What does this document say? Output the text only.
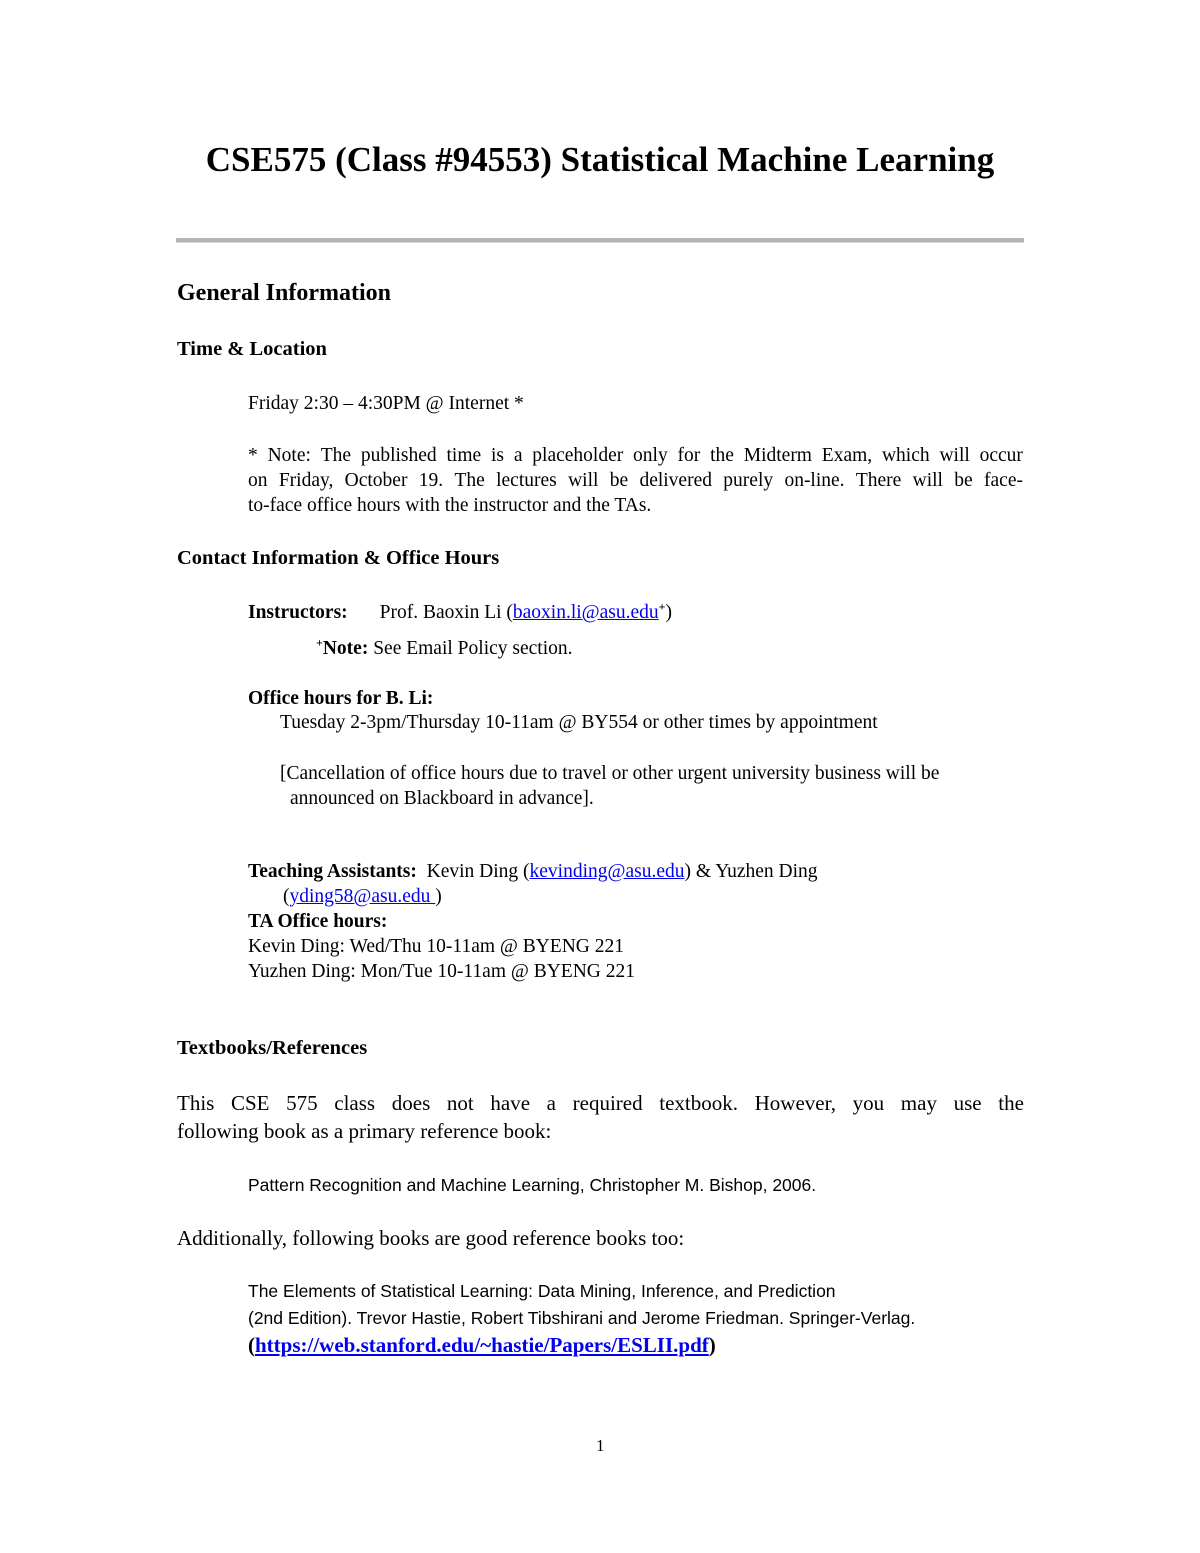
CSE575 (Class #94553) Statistical Machine Learning
General Information
Time & Location
Friday 2:30 – 4:30PM @ Internet *
* Note: The published time is a placeholder only for the Midterm Exam, which will occur
on Friday, October 19. The lectures will be delivered purely on-line. There will be face-
to-face office hours with the instructor and the TAs.
Contact Information & Office Hours
Instructors: Prof. Baoxin Li (baoxin.li@asu.edu+)
+Note: See Email Policy section.
Office hours for B. Li:
Tuesday 2-3pm/Thursday 10-11am @ BY554 or other times by appointment
[Cancellation of office hours due to travel or other urgent university business will be
announced on Blackboard in advance].
Teaching Assistants:  Kevin Ding (kevinding@asu.edu) & Yuzhen Ding
(yding58@asu.edu )
TA Office hours:
Kevin Ding: Wed/Thu 10-11am @ BYENG 221
Yuzhen Ding: Mon/Tue 10-11am @ BYENG 221
Textbooks/References
This CSE 575 class does not have a required textbook. However, you may use the
following book as a primary reference book:
Pattern Recognition and Machine Learning, Christopher M. Bishop, 2006.
Additionally, following books are good reference books too:
The Elements of Statistical Learning: Data Mining, Inference, and Prediction
(2nd Edition). Trevor Hastie, Robert Tibshirani and Jerome Friedman. Springer-Verlag.
(https://web.stanford.edu/~hastie/Papers/ESLII.pdf)
1
